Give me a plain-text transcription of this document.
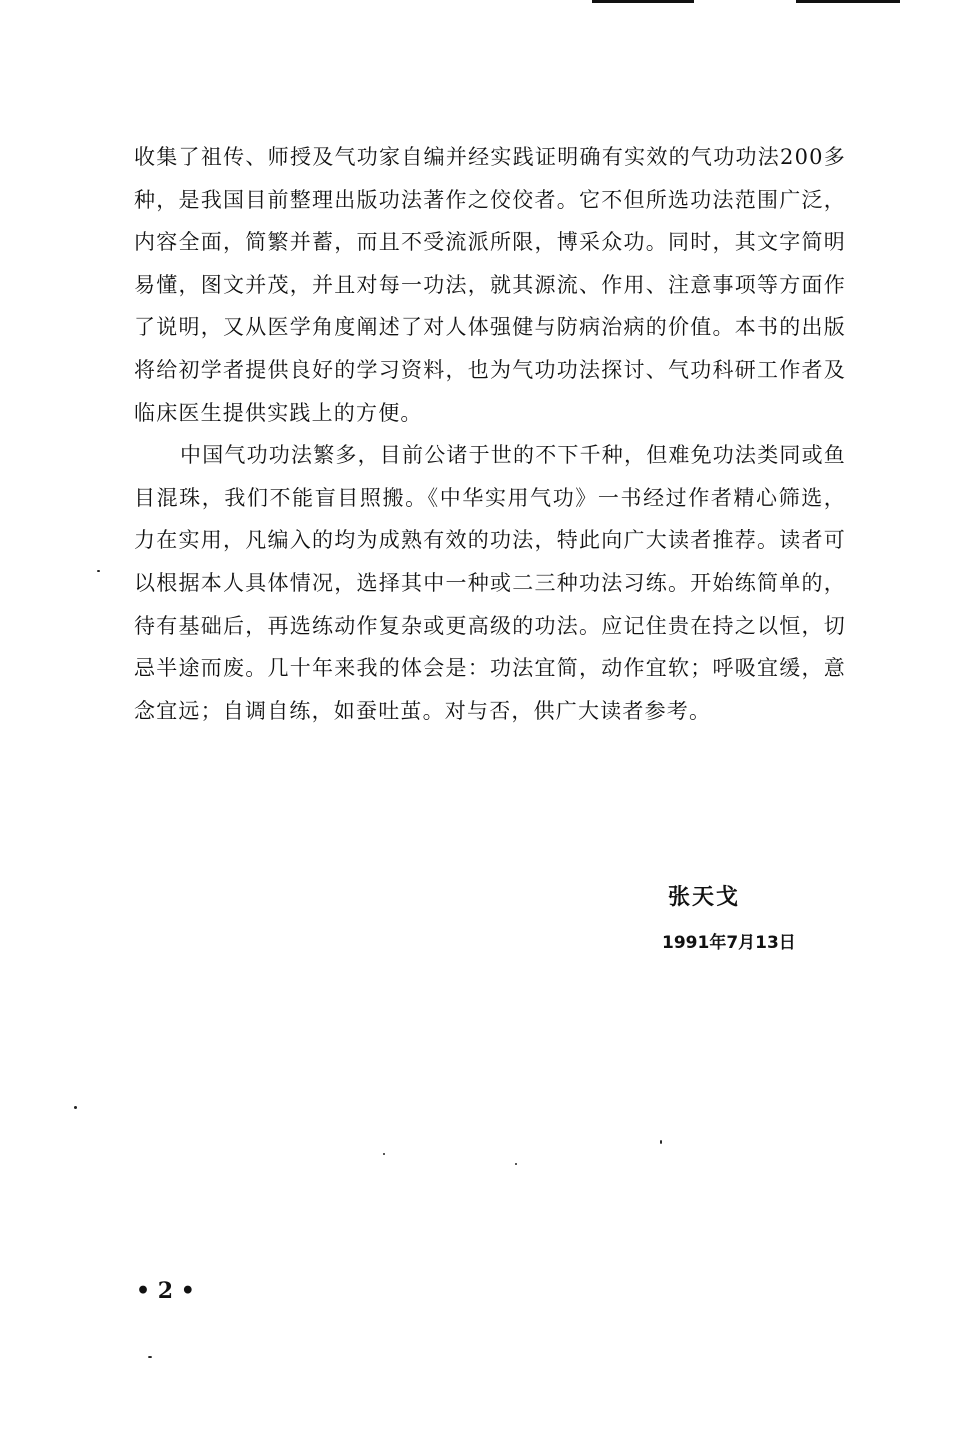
收集了祖传、师授及气功家自编并经实践证明确有实效的气功功法200多种，是我国目前整理出版功法著作之佼佼者。它不但所选功法范围广泛，内容全面，简繁并蓄，而且不受流派所限，博采众功。同时，其文字简明易懂，图文并茂，并且对每一功法，就其源流、作用、注意事项等方面作了说明，又从医学角度阐述了对人体强健与防病治病的价值。本书的出版将给初学者提供良好的学习资料，也为气功功法探讨、气功科研工作者及临床医生提供实践上的方便。

中国气功功法繁多，目前公诸于世的不下千种，但难免功法类同或鱼目混珠，我们不能盲目照搬。《中华实用气功》一书经过作者精心筛选，力在实用，凡编入的均为成熟有效的功法，特此向广大读者推荐。读者可以根据本人具体情况，选择其中一种或二三种功法习练。开始练简单的，待有基础后，再选练动作复杂或更高级的功法。应记住贵在持之以恒，切忌半途而废。几十年来我的体会是：功法宜简，动作宜软；呼吸宜缓，意念宜远；自调自练，如蚕吐茧。对与否，供广大读者参考。

张天戈
1991年7月13日
• 2 •
